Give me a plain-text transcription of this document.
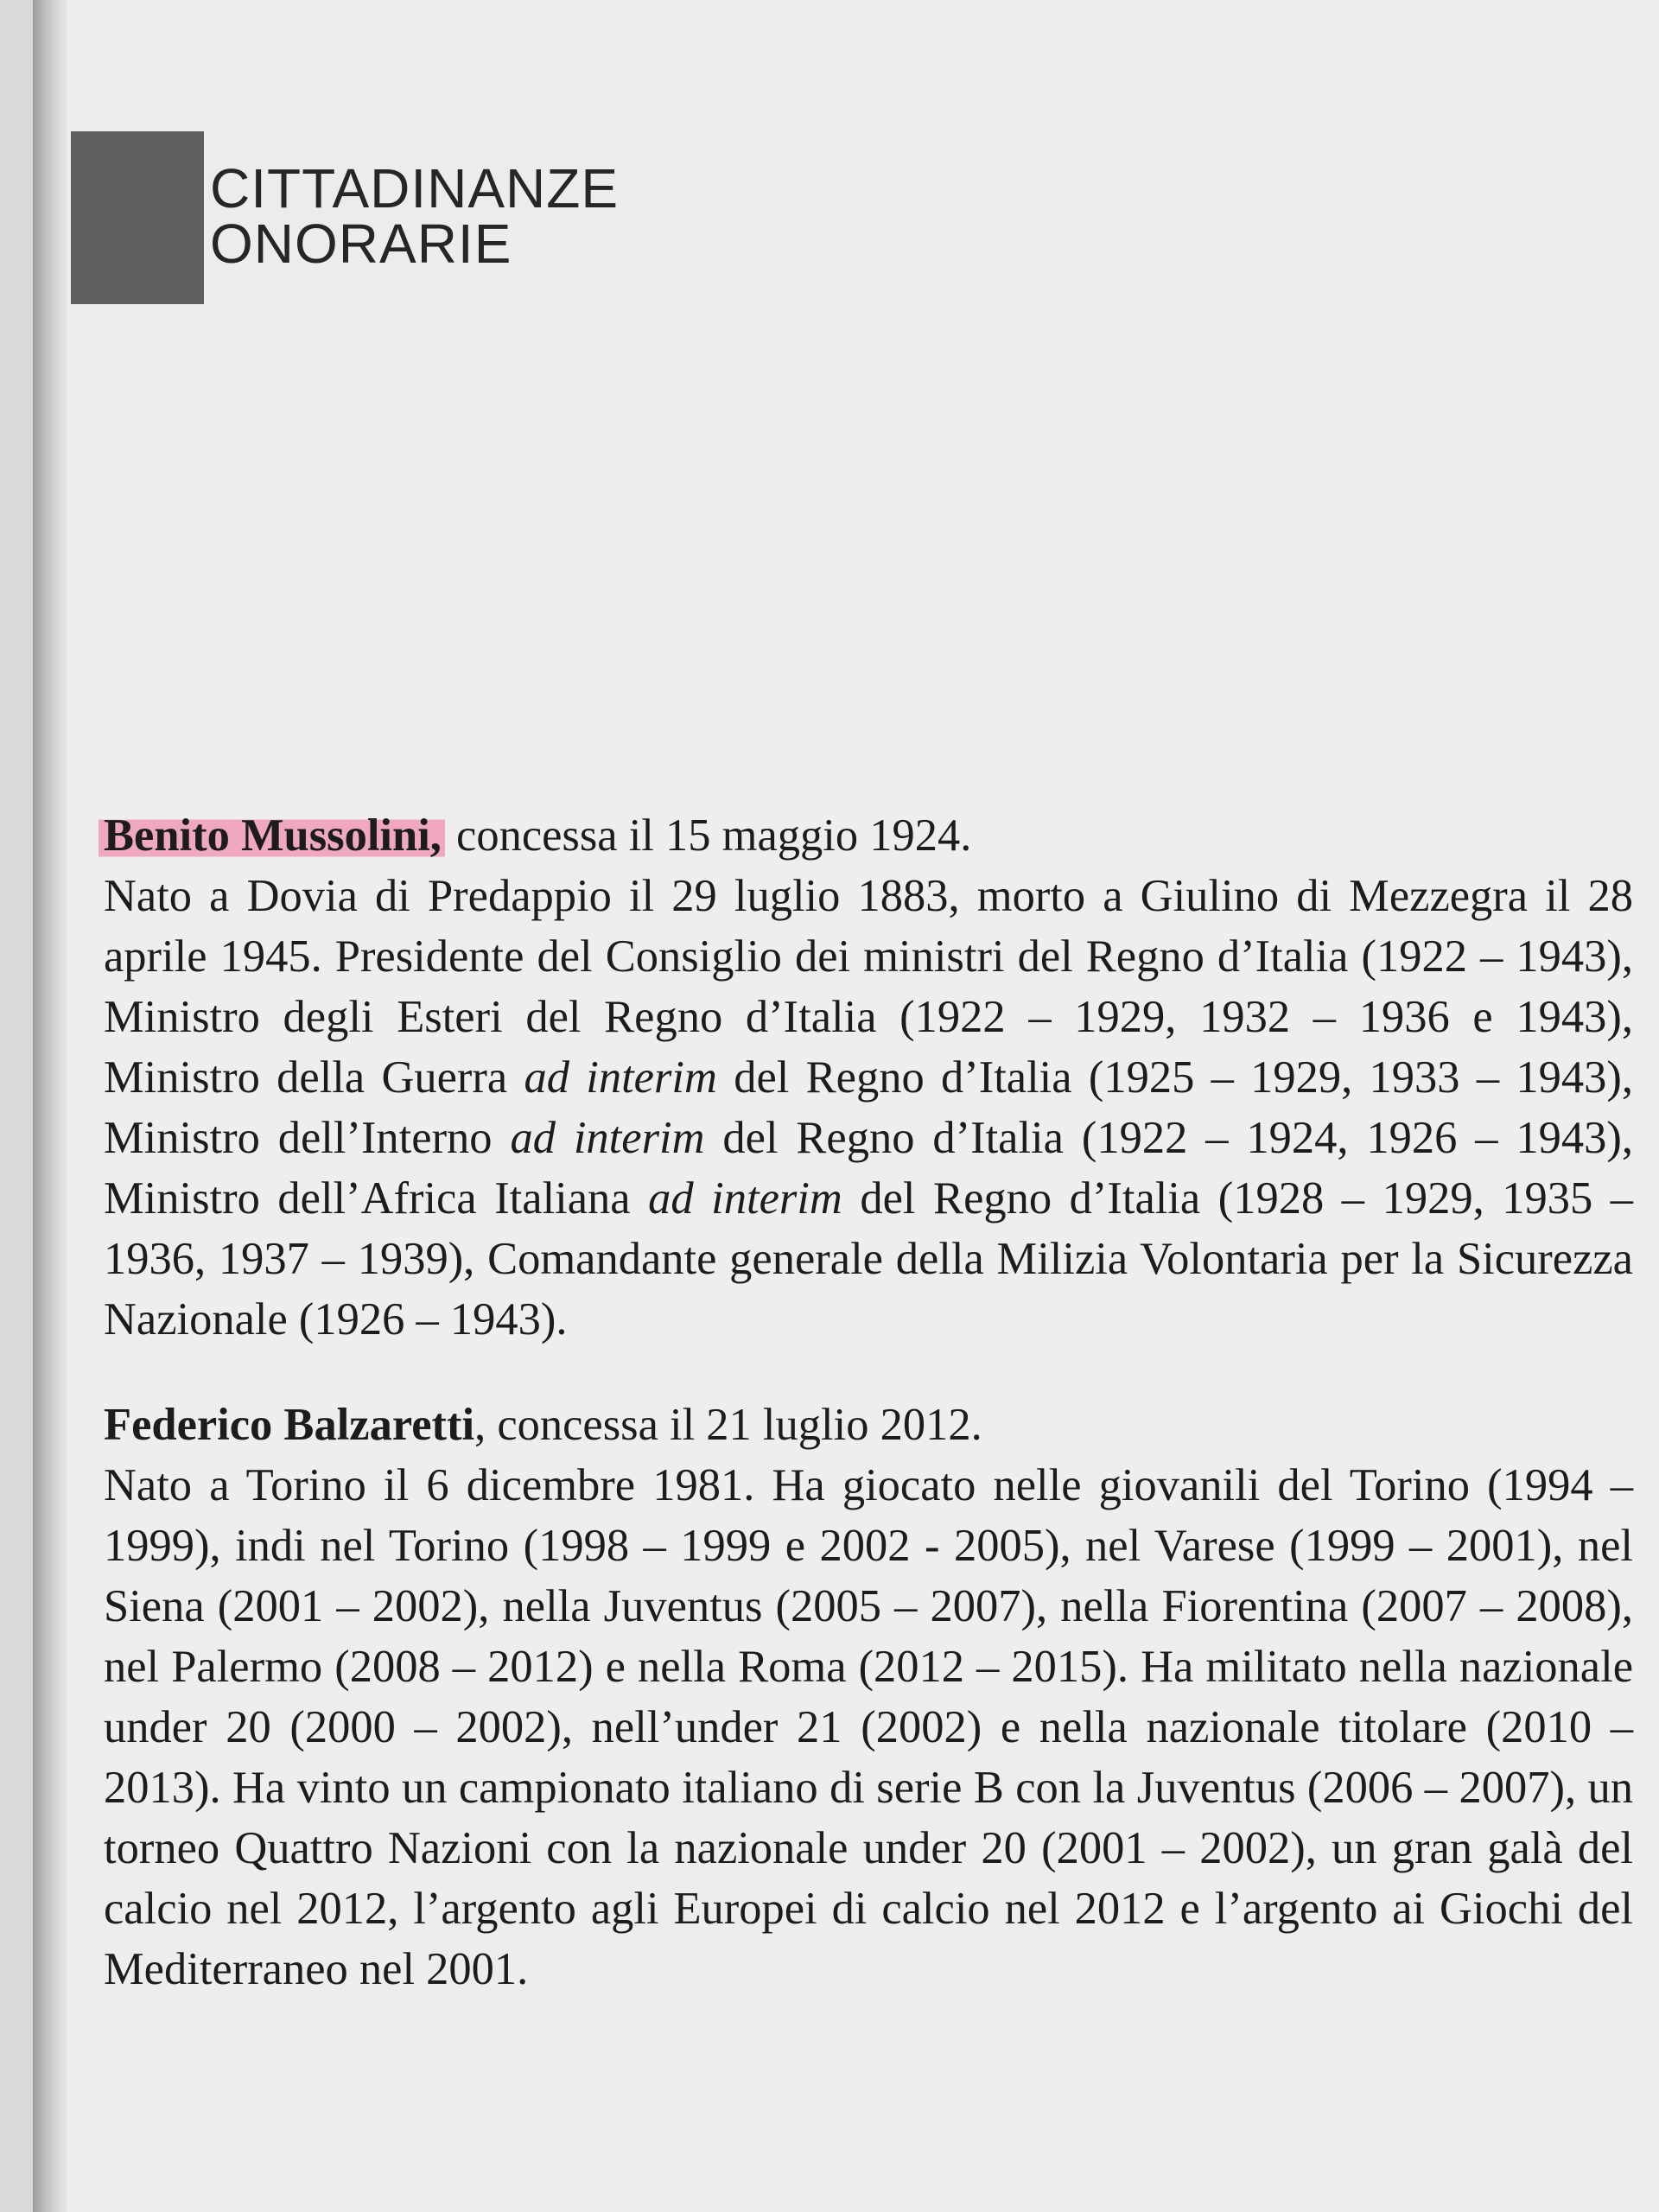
CITTADINANZE
ONORARIE

Benito Mussolini, concessa il 15 maggio 1924.

Nato a Dovia di Predappio il 29 luglio 1883, morto a Giulino di Mezzegra il 28 aprile 1945. Presidente del Consiglio dei ministri del Regno d’Italia (1922 – 1943), Ministro degli Esteri del Regno d’Italia (1922 – 1929, 1932 – 1936 e 1943), Ministro della Guerra ad interim del Regno d’Italia (1925 – 1929, 1933 – 1943), Ministro dell’Interno ad interim del Regno d’Italia (1922 – 1924, 1926 – 1943), Ministro dell’Africa Italiana ad interim del Regno d’Italia (1928 – 1929, 1935 – 1936, 1937 – 1939), Comandante generale della Milizia Volontaria per la Sicurezza Nazionale (1926 – 1943).

Federico Balzaretti, concessa il 21 luglio 2012.

Nato a Torino il 6 dicembre 1981. Ha giocato nelle giovanili del Torino (1994 – 1999), indi nel Torino (1998 – 1999 e 2002 - 2005), nel Varese (1999 – 2001), nel Siena (2001 – 2002), nella Juventus (2005 – 2007), nella Fiorentina (2007 – 2008), nel Palermo (2008 – 2012) e nella Roma (2012 – 2015). Ha militato nella nazionale under 20 (2000 – 2002), nell’under 21 (2002) e nella nazionale titolare (2010 – 2013). Ha vinto un campionato italiano di serie B con la Juventus (2006 – 2007), un torneo Quattro Nazioni con la nazionale under 20 (2001 – 2002), un gran galà del calcio nel 2012, l’argento agli Europei di calcio nel 2012 e l’argento ai Giochi del Mediterraneo nel 2001.
